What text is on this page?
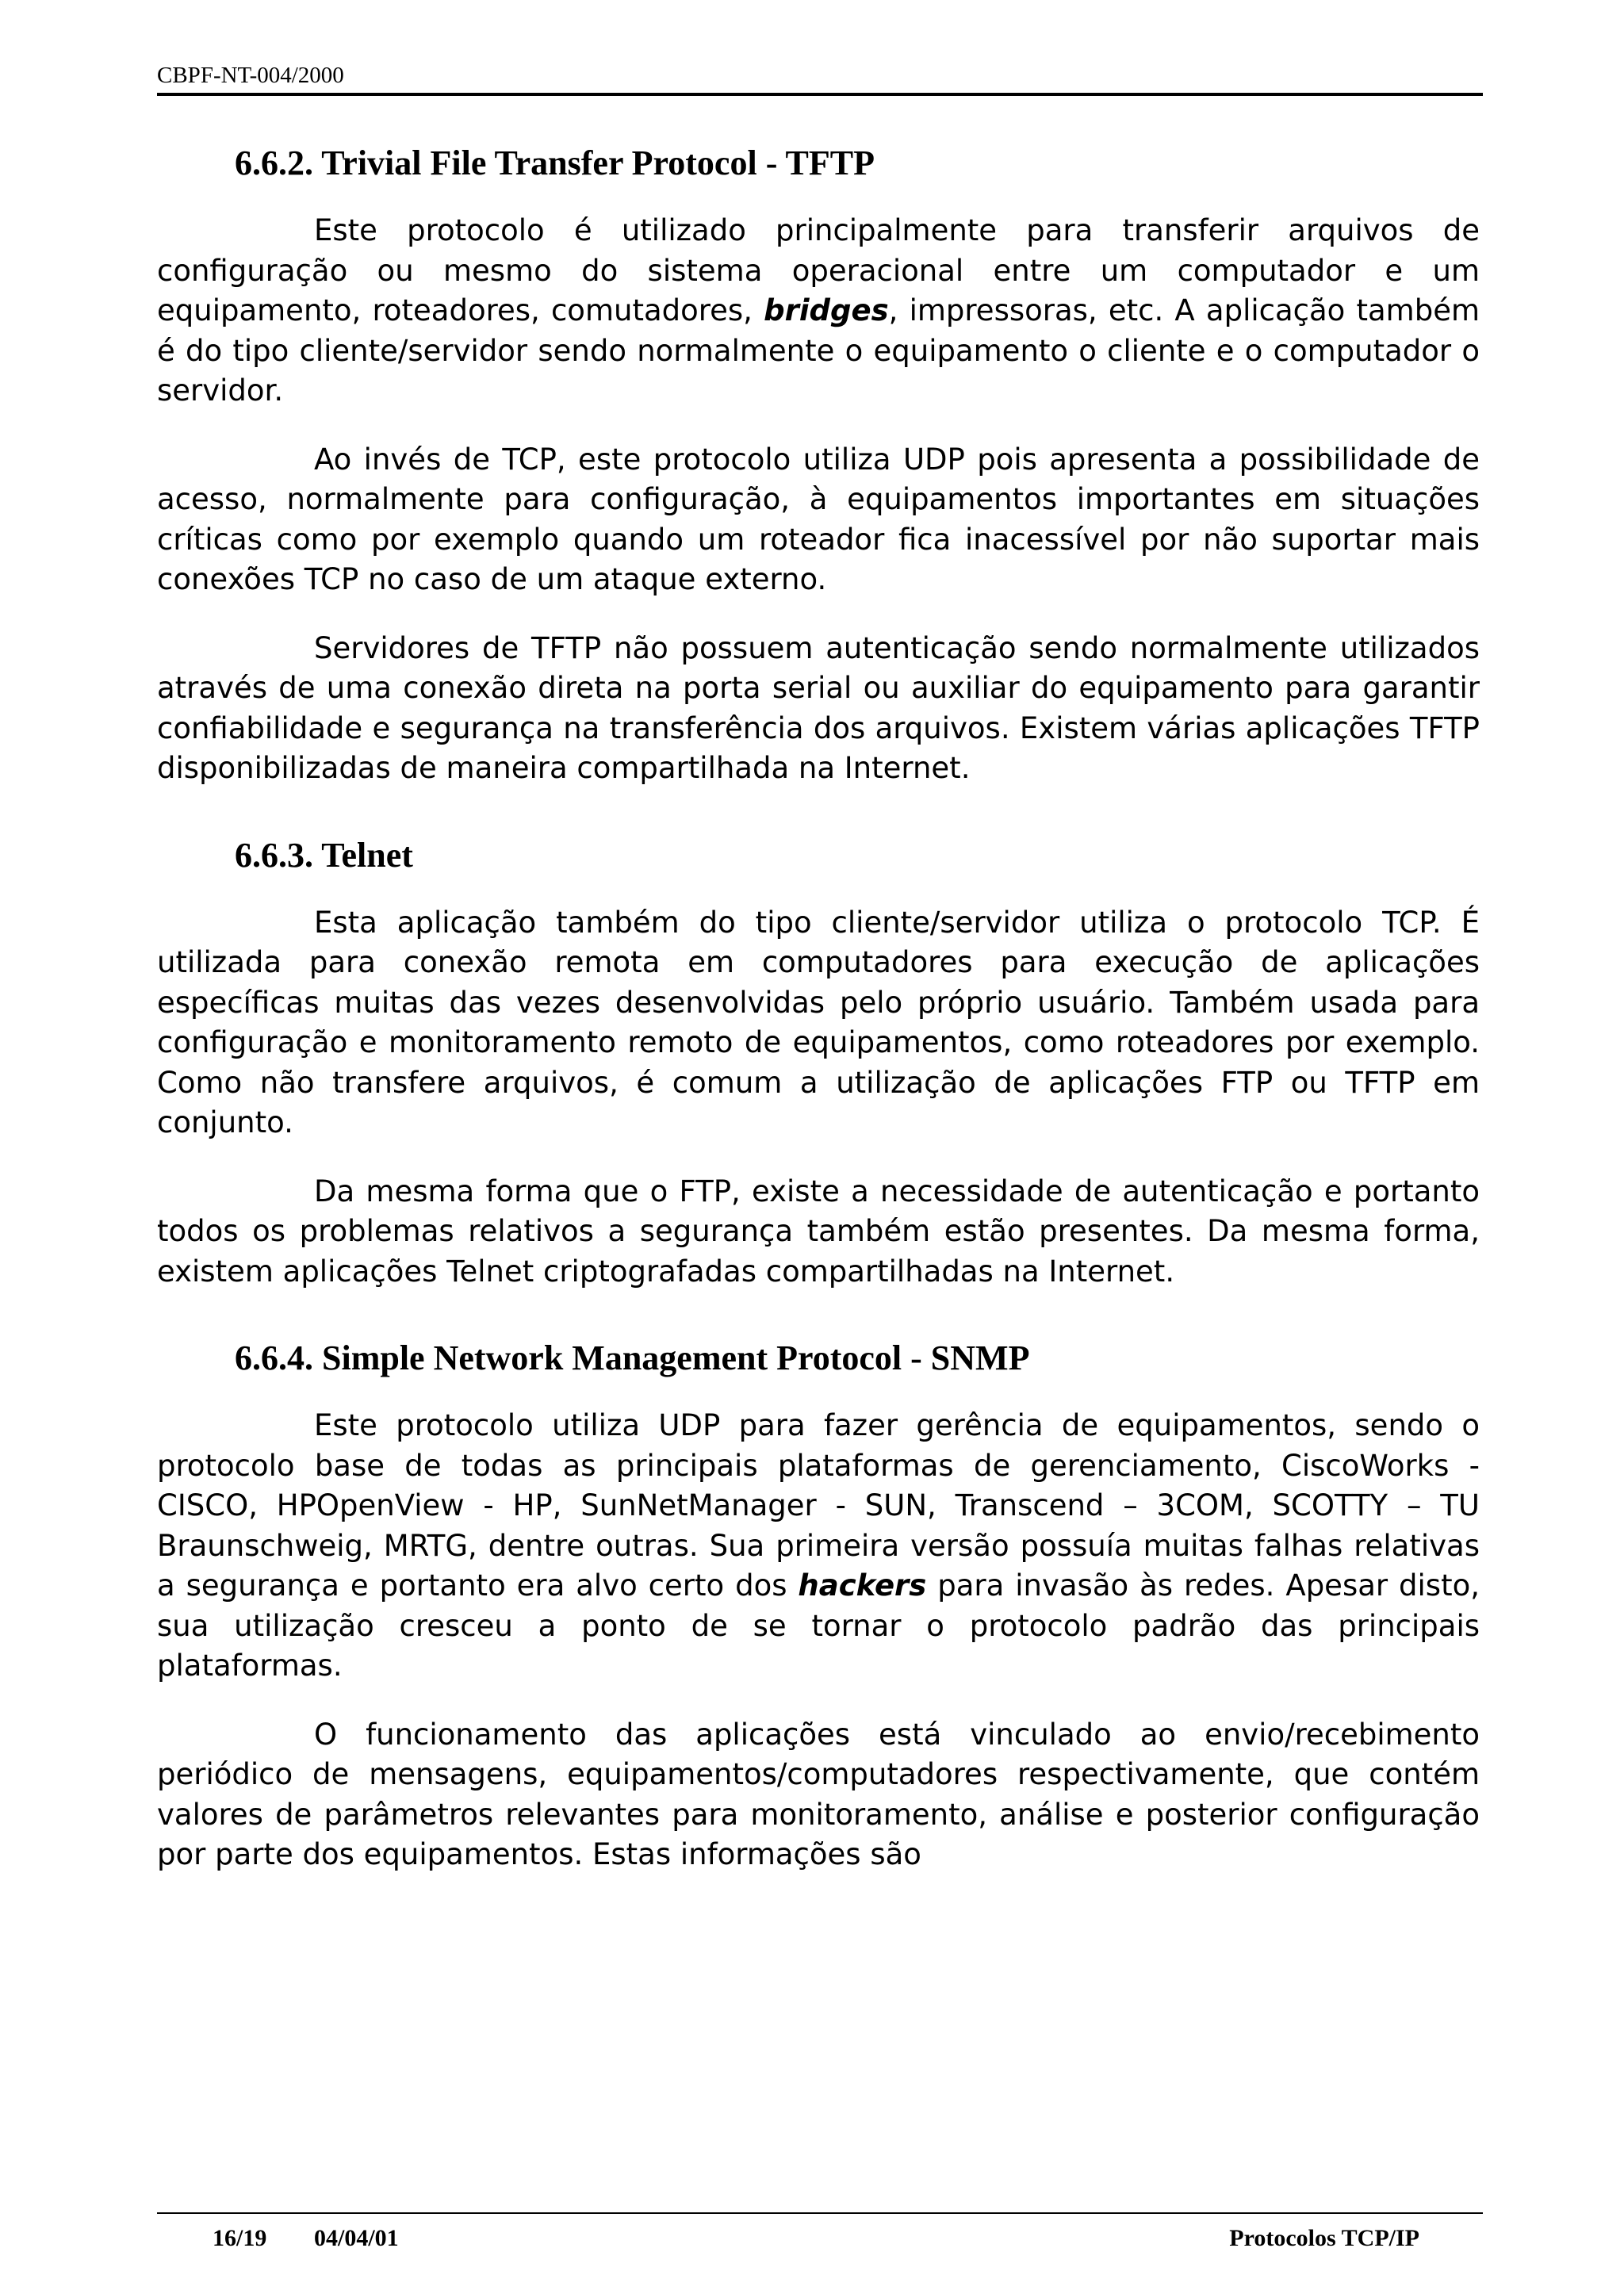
CBPF-NT-004/2000
6.6.2. Trivial File Transfer Protocol - TFTP

Este protocolo é utilizado principalmente para transferir arquivos de configuração ou mesmo do sistema operacional entre um computador e um equipamento, roteadores, comutadores, bridges, impressoras, etc. A aplicação também é do tipo cliente/servidor sendo normalmente o equipamento o cliente e o computador o servidor.

Ao invés de TCP, este protocolo utiliza UDP pois apresenta a possibilidade de acesso, normalmente para configuração, à equipamentos importantes em situações críticas como por exemplo quando um roteador fica inacessível por não suportar mais conexões TCP no caso de um ataque externo.

Servidores de TFTP não possuem autenticação sendo normalmente utilizados através de uma conexão direta na porta serial ou auxiliar do equipamento para garantir confiabilidade e segurança na transferência dos arquivos. Existem várias aplicações TFTP disponibilizadas de maneira compartilhada na Internet.

6.6.3. Telnet

Esta aplicação também do tipo cliente/servidor utiliza o protocolo TCP. É utilizada para conexão remota em computadores para execução de aplicações específicas muitas das vezes desenvolvidas pelo próprio usuário. Também usada para configuração e monitoramento remoto de equipamentos, como roteadores por exemplo. Como não transfere arquivos, é comum a utilização de aplicações FTP ou TFTP em conjunto.

Da mesma forma que o FTP, existe a necessidade de autenticação e portanto todos os problemas relativos a segurança também estão presentes. Da mesma forma, existem aplicações Telnet criptografadas compartilhadas na Internet.

6.6.4. Simple Network Management Protocol - SNMP

Este protocolo utiliza UDP para fazer gerência de equipamentos, sendo o protocolo base de todas as principais plataformas de gerenciamento, CiscoWorks - CISCO, HPOpenView - HP, SunNetManager - SUN, Transcend – 3COM, SCOTTY – TU Braunschweig, MRTG, dentre outras. Sua primeira versão possuía muitas falhas relativas a segurança e portanto era alvo certo dos hackers para invasão às redes. Apesar disto, sua utilização cresceu a ponto de se tornar o protocolo padrão das principais plataformas.

O funcionamento das aplicações está vinculado ao envio/recebimento periódico de mensagens, equipamentos/computadores respectivamente, que contém valores de parâmetros relevantes para monitoramento, análise e posterior configuração por parte dos equipamentos. Estas informações são

16/19 04/04/01	Protocolos TCP/IP
